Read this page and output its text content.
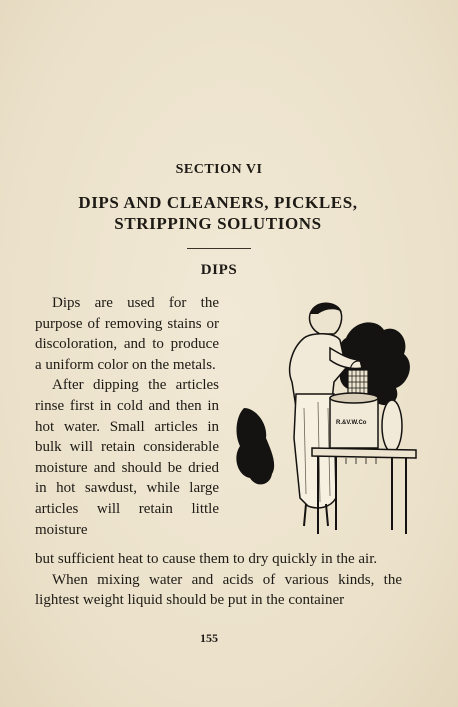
SECTION VI
DIPS AND CLEANERS, PICKLES,
STRIPPING SOLUTIONS
DIPS

Dips are used for the purpose of removing stains or discoloration, and to produce a uniform color on the metals.

After dipping the articles rinse first in cold and then in hot water. Small articles in bulk will retain considerable moisture and should be dried in hot sawdust, while large articles will retain little moisture

but sufficient heat to cause them to dry quickly in the air.

When mixing water and acids of various kinds, the lightest weight liquid should be put in the container

R.&V.W.Co
155
